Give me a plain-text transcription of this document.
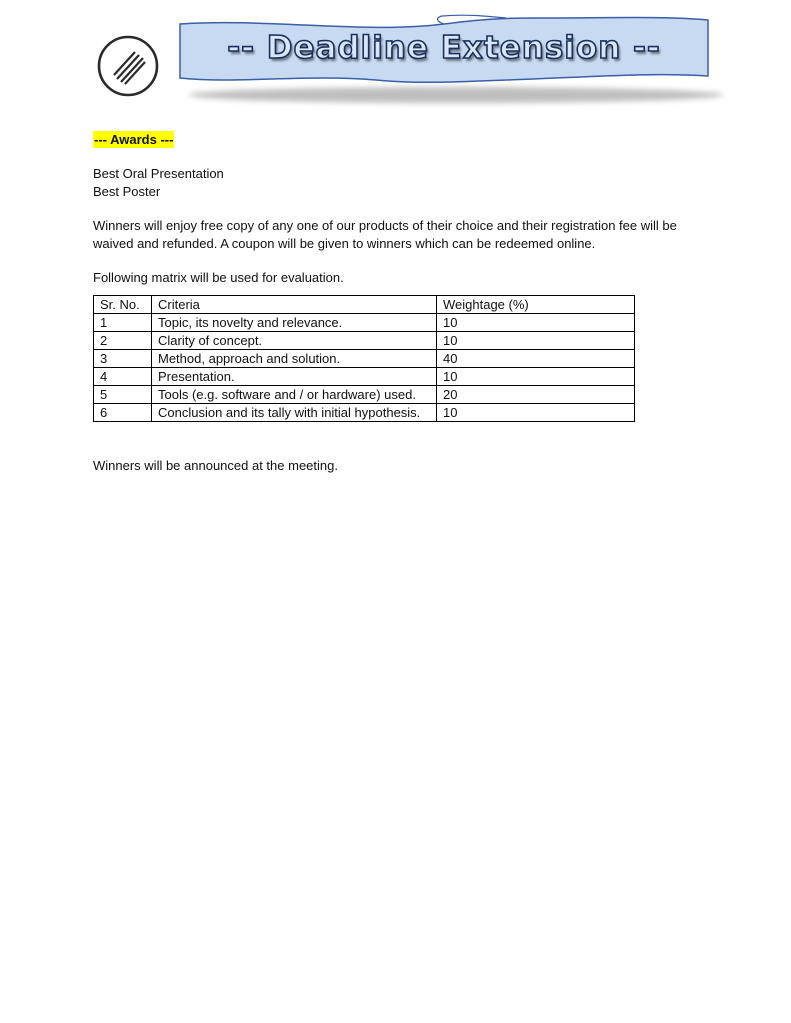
-- Deadline Extension --
--- Awards ---

Best Oral Presentation

Best Poster

Winners will enjoy free copy of any one of our products of their choice and their registration fee will be waived and refunded. A coupon will be given to winners which can be redeemed online.

Following matrix will be used for evaluation.

Sr. No.	Criteria	Weightage (%)
1	Topic, its novelty and relevance.	10
2	Clarity of concept.	10
3	Method, approach and solution.	40
4	Presentation.	10
5	Tools (e.g. software and / or hardware) used.	20
6	Conclusion and its tally with initial hypothesis.	10

Winners will be announced at the meeting.
